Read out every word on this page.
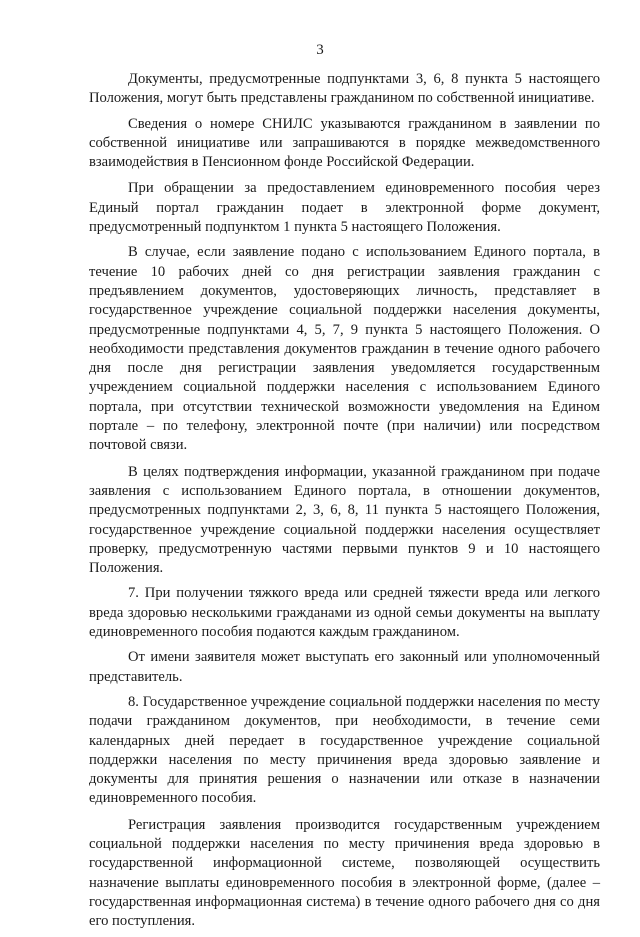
3

Документы, предусмотренные подпунктами 3, 6, 8 пункта 5 настоящего Положения, могут быть представлены гражданином по собственной инициативе.

Сведения о номере СНИЛС указываются гражданином в заявлении по собственной инициативе или запрашиваются в порядке межведомственного взаимодействия в Пенсионном фонде Российской Федерации.

При обращении за предоставлением единовременного пособия через Единый портал гражданин подает в электронной форме документ, предусмотренный подпунктом 1 пункта 5 настоящего Положения.

В случае, если заявление подано с использованием Единого портала, в течение 10 рабочих дней со дня регистрации заявления гражданин с предъявлением документов, удостоверяющих личность, представляет в государственное учреждение социальной поддержки населения документы, предусмотренные подпунктами 4, 5, 7, 9 пункта 5 настоящего Положения. О необходимости представления документов гражданин в течение одного рабочего дня после дня регистрации заявления уведомляется государственным учреждением социальной поддержки населения с использованием Единого портала, при отсутствии технической возможности уведомления на Едином портале – по телефону, электронной почте (при наличии) или посредством почтовой связи.

В целях подтверждения информации, указанной гражданином при подаче заявления с использованием Единого портала, в отношении документов, предусмотренных подпунктами 2, 3, 6, 8, 11 пункта 5 настоящего Положения, государственное учреждение социальной поддержки населения осуществляет проверку, предусмотренную частями первыми пунктов 9 и 10 настоящего Положения.

7. При получении тяжкого вреда или средней тяжести вреда или легкого вреда здоровью несколькими гражданами из одной семьи документы на выплату единовременного пособия подаются каждым гражданином.

От имени заявителя может выступать его законный или уполномоченный представитель.

8. Государственное учреждение социальной поддержки населения по месту подачи гражданином документов, при необходимости, в течение семи календарных дней передает в государственное учреждение социальной поддержки населения по месту причинения вреда здоровью заявление и документы для принятия решения о назначении или отказе в назначении единовременного пособия.

Регистрация заявления производится государственным учреждением социальной поддержки населения по месту причинения вреда здоровью в государственной информационной системе, позволяющей осуществить назначение выплаты единовременного пособия в электронной форме, (далее – государственная информационная система) в течение одного рабочего дня со дня его поступления.
